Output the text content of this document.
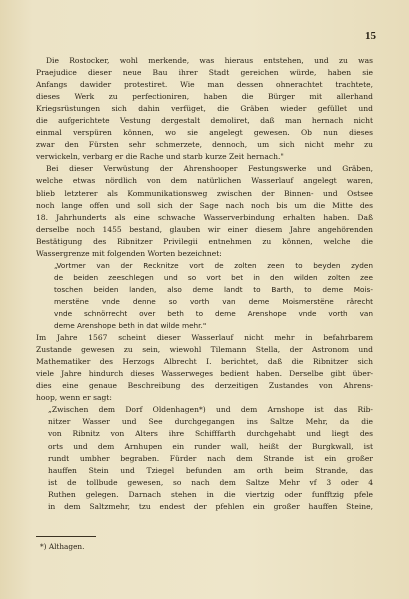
15
Die Rostocker, wohl merkende, was hieraus entstehen, und zu was
Praejudice dieser neue Bau ihrer Stadt gereichen würde, haben sie
Anfangs dawider protestiret. Wie man dessen ohnerachtet trachtete,
dieses Werk zu perfectioniren, haben die Bürger mit allerhand
Kriegsrüstungen sich dahin verfüget, die Gräben wieder gefüllet und
die aufgerichtete Vestung dergestalt demoliret, daß man hernach nicht
einmal verspüren können, wo sie angelegt gewesen. Ob nun dieses
zwar den Fürsten sehr schmerzete, dennoch, um sich nicht mehr zu
verwickeln, verbarg er die Rache und starb kurze Zeit hernach."
Bei dieser Verwüstung der Ahrenshooper Festungswerke und Gräben,
welche etwas nördlich von dem natürlichen Wasserlauf angelegt waren,
blieb letzterer als Kommunikationsweg zwischen der Binnen- und Ostsee
noch lange offen und soll sich der Sage nach noch bis um die Mitte des
18. Jahrhunderts als eine schwache Wasserverbindung erhalten haben. Daß
derselbe noch 1455 bestand, glauben wir einer diesem Jahre angehörenden
Bestätigung des Ribnitzer Privilegii entnehmen zu können, welche die
Wassergrenze mit folgenden Worten bezeichnet:
„Vortmer van der Recknitze vort de zolten zeen to beyden zyden
de beiden zeeschlegen und so vort bet in den wilden zolten zee
toschen beiden landen, also deme landt to Barth, to deme Mois-
merstëne vnde denne so vorth van deme Moismerstëne rârecht
vnde schnörrecht over beth to deme Arenshope vnde vorth van
deme Arenshope beth in dat wilde mehr."
Im Jahre 1567 scheint dieser Wasserlauf nicht mehr in befahrbarem
Zustande gewesen zu sein, wiewohl Tilemann Stella, der Astronom und
Mathematiker des Herzogs Albrecht I. berichtet, daß die Ribnitzer sich
viele Jahre hindurch dieses Wasserweges bedient haben. Derselbe gibt über-
dies eine genaue Beschreibung des derzeitigen Zustandes von Ahrens-
hoop, wenn er sagt:
„Zwischen dem Dorf Oldenhagen*) und dem Arnshope ist das Rib-
nitzer Wasser und See durchgegangen ins Saltze Mehr, da die
von Ribnitz von Alters ihre Schifffarth durchgehabt und liegt des
orts und dem Arnhupen ein runder wall, heißt der Burgkwall, ist
rundt umbher begraben. Fürder nach dem Strande ist ein großer
hauffen Stein und Tziegel befunden am orth beim Strande, das
ist de tollbude gewesen, so nach dem Saltze Mehr vf 3 oder 4
Ruthen gelegen. Darnach stehen in die viertzig oder funfftzig pfele
in dem Saltzmehr, tzu endest der pfehlen ein großer hauffen Steine,
*) Althagen.
